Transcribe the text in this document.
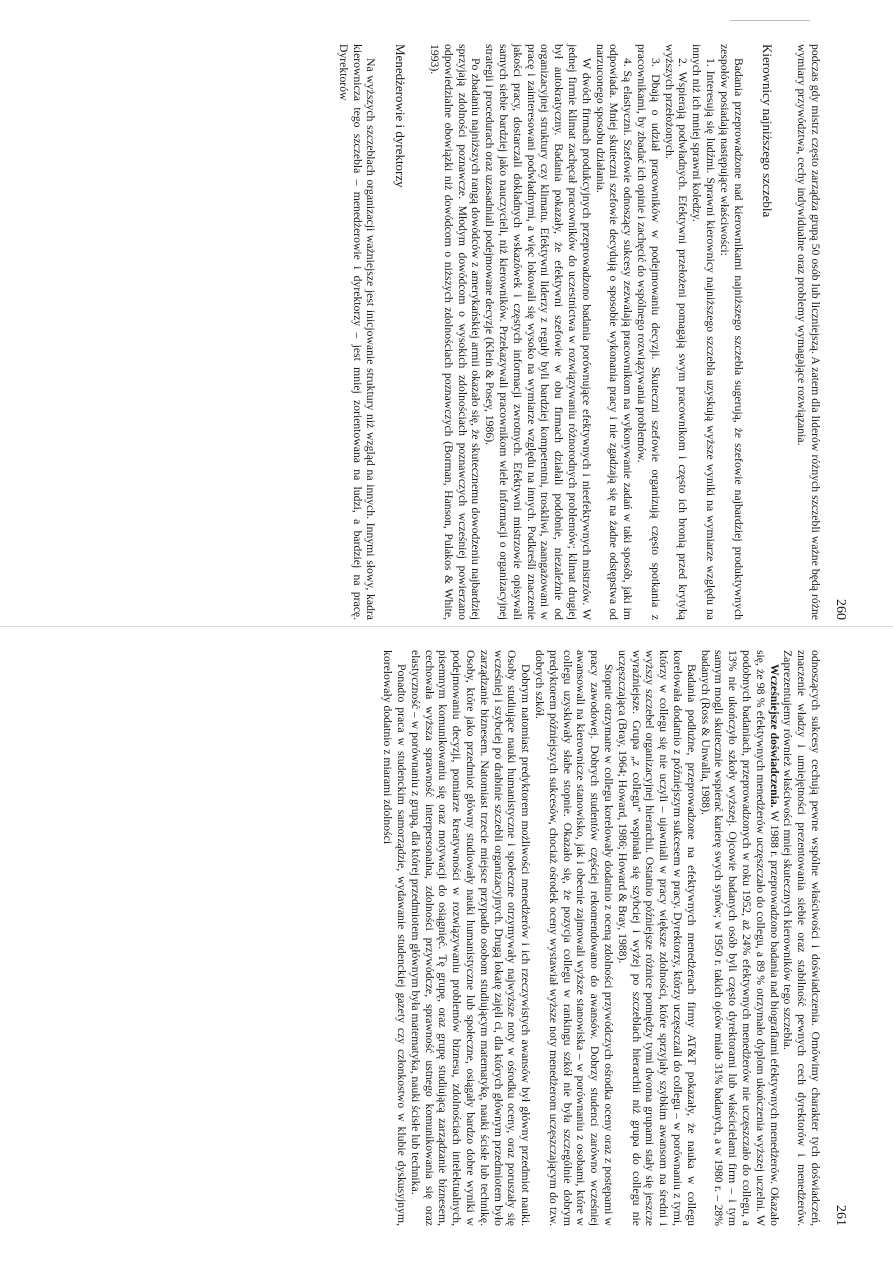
260

podczas gdy mistrz często zarządza grupą 50 osób lub liczniejszą. A zatem dla liderów różnych szczebli ważne będą różne wymiary przywództwa, cechy indywidualne oraz problemy wymagające rozwiązania.

Kierownicy najniższego szczebla

Badania przeprowadzone nad kierownikami najniższego szczebla sugerują, że szefowie najbardziej produktywnych zespołów posiadają następujące właściwości:

1. Interesują się ludźmi. Sprawni kierownicy najniższego szczebla uzyskują wyższe wyniki na wymiarze względu na innych niż ich mniej sprawni koledzy.

2. Wspierają podwładnych. Efektywni przełożeni pomagają swym pracownikom i często ich bronią przed krytyką wyższych przełożonych.

3. Dbają o udział pracowników w podejmowaniu decyzji. Skuteczni szefowie organizują często spotkania z pracownikami, by zbadać ich opinie i zachęcić do wspólnego rozwiązywania problemów.

4. Są elastyczni. Szefowie odnoszący sukcesy zezwalają pracownikom na wykonywanie zadań w taki sposób, jaki im odpowiada. Mniej skuteczni szefowie decydują o sposobie wykonania pracy i nie zgadzają się na żadne odstępstwa od narzuconego sposobu działania.

W dwóch firmach produkcyjnych przeprowadzono badania porównujące efektywnych i nieefektywnych mistrzów. W jednej firmie klimat zachęcał pracowników do uczestnictwa w rozwiązywaniu różnorodnych problemów; klimat drugiej był autokratyczny. Badania pokazały, że efektywni szefowie w obu firmach działali podobnie, niezależnie od organizacyjnej struktury czy klimatu. Efektywni liderzy z reguły byli bardziej kompetentni, troskliwi, zaangażowani w pracę i zainteresowani podwładnymi, a więc lokowali się wysoko na wymiarze względu na innych. Podkreśli znaczenie jakości pracy, dostarczali dokładnych wskazówek i częstych informacji zwrotnych. Efektywni mistrzowie opisywali samych siebie bardziej jako nauczycieli, niż kierowników. Przekazywali pracownikom wiele informacji o organizacyjnej strategii i procedurach oraz uzasadniali podejmowane decyzje (Klein & Posey, 1986).

Po zbadaniu najniższych rangą dowódców z amerykańskiej armii okazało się, że skutecznemu dowodzeniu najbardziej sprzyjają zdolności poznawcze. Młodym dowódcom o wysokich zdolnościach poznawczych wcześniej powierzano odpowiedzialne obowiązki niż dowódcom o niższych zdolnościach poznawczych (Borman, Hanson, Pulakos & White, 1993).

Menedżerowie i dyrektorzy

Na wyższych szczeblach organizacji ważniejsze jest inicjowanie struktury niż wzgląd na innych. Innymi słowy, kadra kierownicza tego szczebla – menedżerowie i dyrektorzy – jest mniej zorientowana na ludzi, a bardziej na pracę. Dyrektorów

261

odnoszących sukcesy cechują pewne wspólne właściwości i doświadczenia. Omówimy charakter tych doświadczeń, znaczenie władzy i umiejętności prezentowania siebie oraz stabilność pewnych cech dyrektorów i menedżerów. Zaprezentujemy również właściwości mniej skutecznych kierowników tego szczebla.

Wcześniejsze doświadczenia. W 1988 r. przeprowadzono badania nad biografiami efektywnych menedżerów. Okazało się, że 98 % efektywnych menedżerów uczęszczało do collegu, a 89 % otrzymało dyplom ukończenia wyższej uczelni. W podobnych badaniach, przeprowadzonych w roku 1952, aż 24% efektywnych menedżerów nie uczęszczało do collegu, a 13% nie ukończyło szkoły wyższej. Ojcowie badanych osób byli często dyrektorami lub właścicielami firm – i tym samym mogli skutecznie wspierać karierę swych synów; w 1950 r. takich ojców miało 31% badanych, a w 1980 r. – 28% badanych (Ross & Unwalla, 1988).

Badania podłużne, przeprowadzone na efektywnych menedżerach firmy AT&T pokazały, że nauka w collegu korelowała dodatnio z późniejszym sukcesem w pracy. Dyrektorzy, którzy uczęszczali do collegu – w porównaniu z tymi, którzy w collegu się nie uczyli – ujawniali w pracy większe zdolności, które sprzyjały szybkim awansom na średni i wyższy szczebel organizacyjnej hierarchii. Ostatnio późniejsze różnice pomiędzy tymi dwoma grupami stały się jeszcze wyraźniejsze. Grupa „z collegu” wspinała się szybciej i wyżej po szczeblach hierarchii niż grupa do collegu nie uczęszczająca (Bray, 1964; Howard, 1986; Howard & Bray, 1988).

Stopnie otrzymane w collegu korelowały dodatnio z oceną zdolności przywódczych ośrodka oceny oraz z postępami w pracy zawodowej. Dobrych studentów częściej rekomendowano do awansów. Dobrzy studenci zarówno wcześniej awansowali na kierownicze stanowisko, jak i obecnie zajmowali wyższe stanowiska – w porównaniu z osobami, które w collegu uzyskiwały słabe stopnie. Okazało się, że pozycja collegu w rankingu szkół nie była szczególnie dobrym predyktorem późniejszych sukcesów, chociaż ośrodek oceny wystawiał wyższe noty menedżerom uczęszczającym do tzw. dobrych szkół.

Dobrym natomiast predyktorem możliwości menedżerów i ich rzeczywistych awansów był główny przedmiot nauki. Osoby studiujące nauki humanistyczne i społeczne otrzymywały najwyższe noty w ośrodku oceny, oraz poruszały się wcześniej i szybciej po drabinie szczebli organizacyjnych. Drugą lokatę zajęli ci, dla których głównym przedmiotem było zarządzanie biznesem. Natomiast trzecie miejsce przypadło osobom studiującym matematykę, nauki ścisłe lub technikę. Osoby, które jako przedmiot główny studiowały nauki humanistyczne lub społeczne, osiągały bardzo dobre wyniki w podejmowaniu decyzji, pomiarze kreatywności w rozwiązywaniu problemów biznesu, zdolnościach intelektualnych, pisemnym komunikowaniu się oraz motywacji do osiągnięć. Tę grupę, oraz grupę studiującą zarządzanie biznesem, cechowała wyższa sprawność interpersonalna, zdolności przywódcze, sprawność ustnego komunikowania się oraz elastyczność – w porównaniu z grupą, dla której przedmiotem głównym była matematyka, nauki ścisłe lub technika.

Ponadto praca w studenckim samorządzie, wydawanie studenckiej gazety czy członkostwo w klubie dyskusyjnym, korelowały dodatnio z miarami zdolności
